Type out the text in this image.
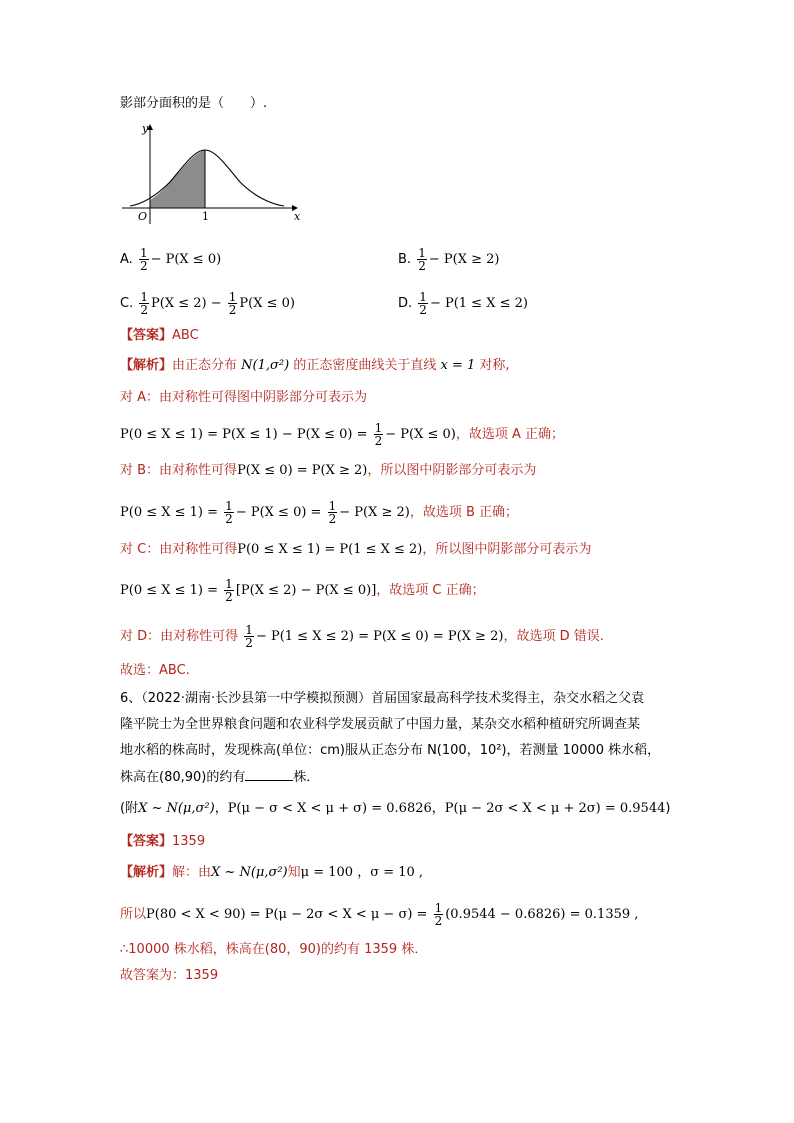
影部分面积的是（　　）.
y
x
O	1
A. $\frac{1}{2} - P(X \le 0)$	B. $\frac{1}{2} - P(X \ge 2)$
C. $\frac{1}{2} P(X \le 2) - \frac{1}{2} P(X \le 0)$	D. $\frac{1}{2} - P(1 \le X \le 2)$
【答案】ABC
【解析】由正态分布 N(1,σ²) 的正态密度曲线关于直线 x = 1 对称,
对 A：由对称性可得图中阴影部分可表示为
$P(0 \le X \le 1) = P(X \le 1) - P(X \le 0) = \frac{1}{2} - P(X \le 0)$，故选项 A 正确；
对 B：由对称性可得P(X ≤ 0) = P(X ≥ 2)，所以图中阴影部分可表示为
$P(0 \le X \le 1) = \frac{1}{2} - P(X \le 0) = \frac{1}{2} - P(X \ge 2)$，故选项 B 正确；
对 C：由对称性可得P(0 ≤ X ≤ 1) = P(1 ≤ X ≤ 2)，所以图中阴影部分可表示为
$P(0 \le X \le 1) = \frac{1}{2} [P(X \le 2) - P(X \le 0)]$，故选项 C 正确；
对 D：由对称性可得 $\frac{1}{2} - P(1 \le X \le 2) = P(X \le 0) = P(X \ge 2)$，故选项 D 错误.
故选：ABC.
6、（2022·湖南·长沙县第一中学模拟预测）首届国家最高科学技术奖得主，杂交水稻之父袁
隆平院士为全世界粮食问题和农业科学发展贡献了中国力量，某杂交水稻种植研究所调查某
地水稻的株高时，发现株高(单位：cm)服从正态分布 N(100，10²)，若测量 10000 株水稻，
株高在(80,90)的约有	株．
(附X ~ N(μ,σ²)，P(μ − σ < X < μ + σ) = 0.6826，P(μ − 2σ < X < μ + 2σ) = 0.9544)
【答案】1359
【解析】解：由X ~ N(μ,σ²)知μ = 100 ，σ = 10 ,
所以$P(80 < X < 90) = P(\mu - 2\sigma < X < \mu - \sigma) = \frac{1}{2} (0.9544 - 0.6826) = 0.1359$ ,
∴10000 株水稻，株高在(80，90)的约有 1359 株．
故答案为：1359
